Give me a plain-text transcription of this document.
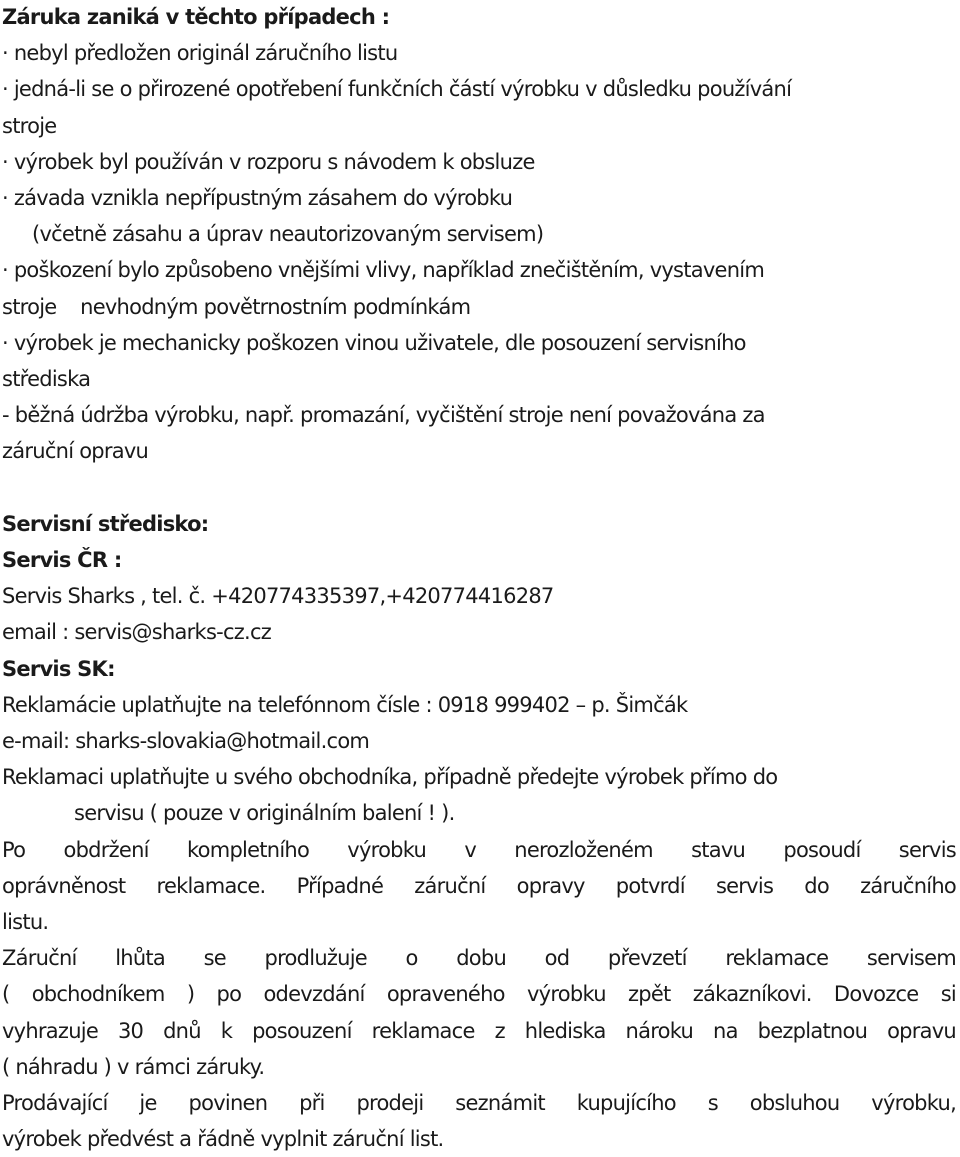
Záruka zaniká v těchto případech :
· nebyl předložen originál záručního listu
· jedná-li se o přirozené opotřebení funkčních částí výrobku v důsledku používání
stroje
· výrobek byl používán v rozporu s návodem k obsluze
· závada vznikla nepřípustným zásahem do výrobku
(včetně zásahu a úprav neautorizovaným servisem)
· poškození bylo způsobeno vnějšími vlivy, například znečištěním, vystavením
stroje    nevhodným povětrnostním podmínkám
· výrobek je mechanicky poškozen vinou uživatele, dle posouzení servisního
střediska
- běžná údržba výrobku, např. promazání, vyčištění stroje není považována za
záruční opravu
Servisní středisko:
Servis ČR :
Servis Sharks , tel. č. +420774335397,+420774416287
email : servis@sharks-cz.cz
Servis SK:
Reklamácie uplatňujte na telefónnom čísle : 0918 999402 – p. Šimčák
e-mail: sharks-slovakia@hotmail.com
Reklamaci uplatňujte u svého obchodníka, případně předejte výrobek přímo do
servisu ( pouze v originálním balení ! ).
Po obdržení kompletního výrobku v nerozloženém stavu posoudí servis
oprávněnost reklamace. Případné záruční opravy potvrdí servis do záručního
listu.
Záruční lhůta se prodlužuje o dobu od převzetí reklamace servisem
( obchodníkem ) po odevzdání opraveného výrobku zpět zákazníkovi. Dovozce si
vyhrazuje 30 dnů k posouzení reklamace z hlediska nároku na bezplatnou opravu
( náhradu ) v rámci záruky.
Prodávající je povinen při prodeji seznámit kupujícího s obsluhou výrobku,
výrobek předvést a řádně vyplnit záruční list.
